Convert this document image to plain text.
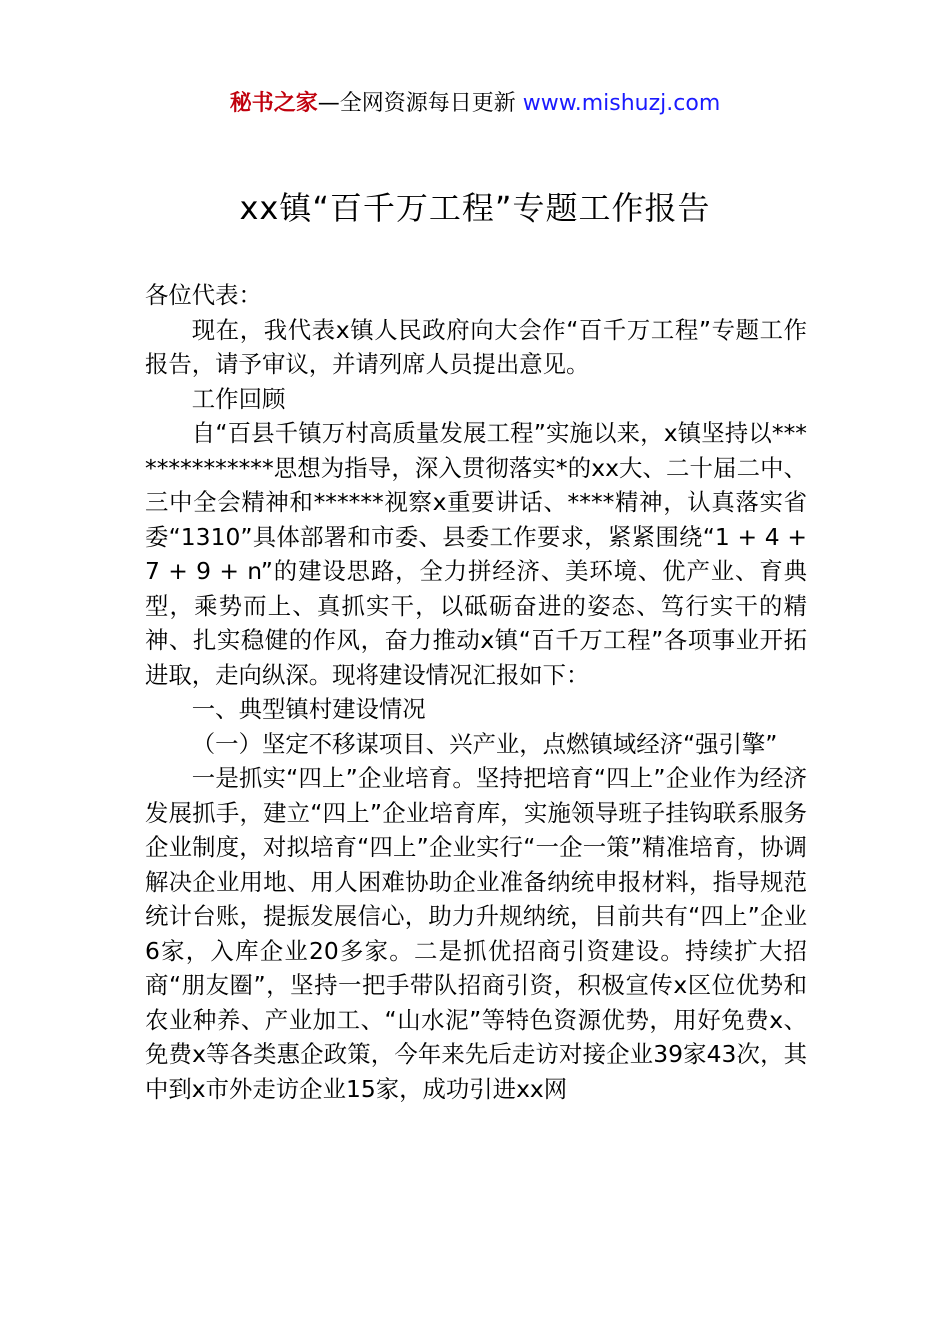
秘书之家—全网资源每日更新 www.mishuzj.com
xx镇“百千万工程”专题工作报告

各位代表：

现在，我代表x镇人民政府向大会作“百千万工程”专题工作报告，请予审议，并请列席人员提出意见。

工作回顾

自“百县千镇万村高质量发展工程”实施以来，x镇坚持以**************思想为指导，深入贯彻落实*的xx大、二十届二中、三中全会精神和******视察x重要讲话、****精神，认真落实省委“1310”具体部署和市委、县委工作要求，紧紧围绕“1 + 4 + 7 + 9 + n”的建设思路，全力拼经济、美环境、优产业、育典型，乘势而上、真抓实干，以砥砺奋进的姿态、笃行实干的精神、扎实稳健的作风，奋力推动x镇“百千万工程”各项事业开拓进取，走向纵深。现将建设情况汇报如下：

一、典型镇村建设情况

（一）坚定不移谋项目、兴产业，点燃镇域经济“强引擎”

一是抓实“四上”企业培育。坚持把培育“四上”企业作为经济发展抓手，建立“四上”企业培育库，实施领导班子挂钩联系服务企业制度，对拟培育“四上”企业实行“一企一策”精准培育，协调解决企业用地、用人困难协助企业准备纳统申报材料，指导规范统计台账，提振发展信心，助力升规纳统，目前共有“四上”企业6家，入库企业20多家。二是抓优招商引资建设。持续扩大招商“朋友圈”，坚持一把手带队招商引资，积极宣传x区位优势和农业种养、产业加工、“山水泥”等特色资源优势，用好免费x、免费x等各类惠企政策，今年来先后走访对接企业39家43次，其中到x市外走访企业15家，成功引进xx网
